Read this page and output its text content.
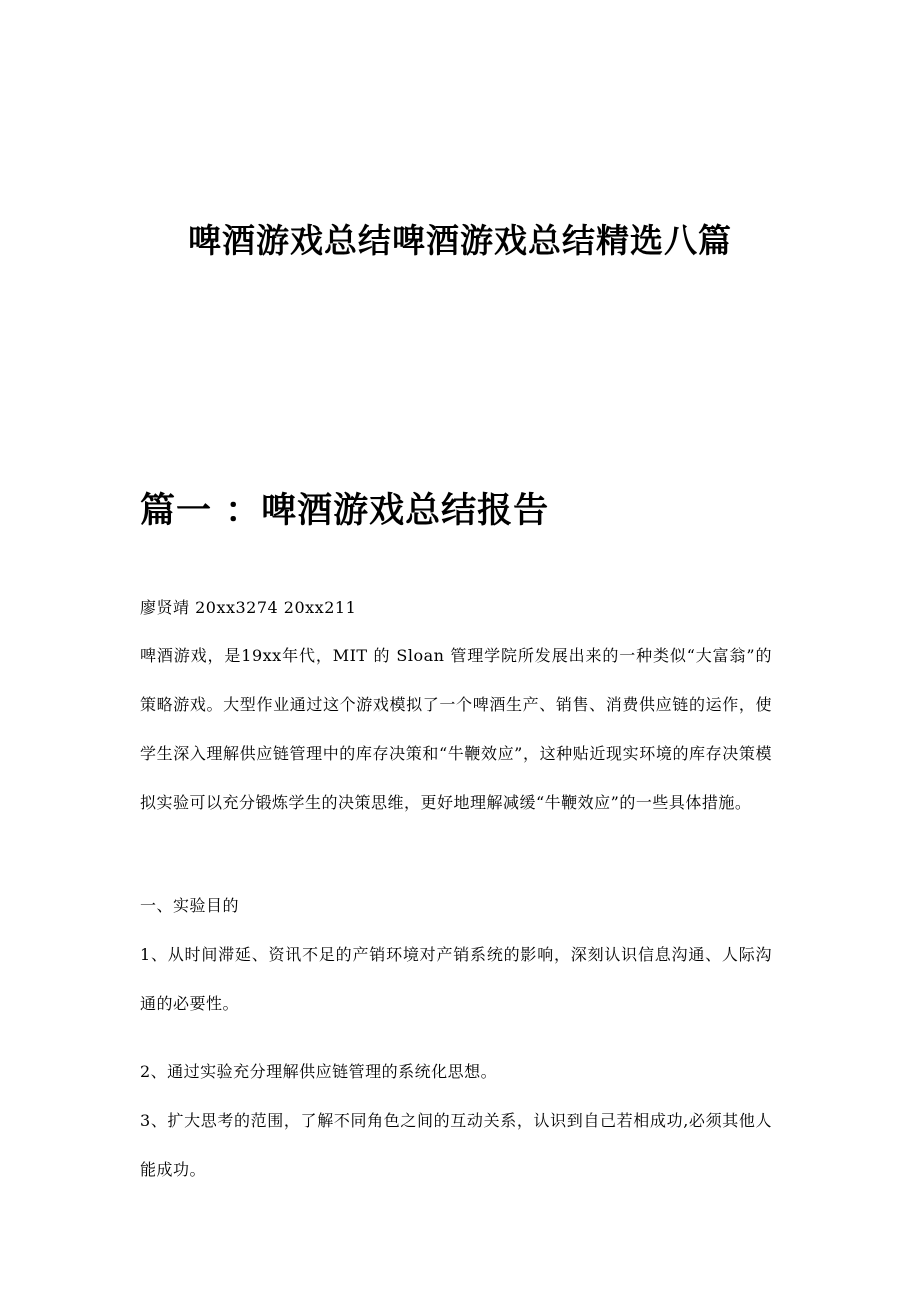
啤酒游戏总结啤酒游戏总结精选八篇
篇一 ：啤酒游戏总结报告

廖贤靖 20xx3274 20xx211

啤酒游戏，是19xx年代，MIT 的 Sloan 管理学院所发展出来的一种类似“大富翁”的策略游戏。大型作业通过这个游戏模拟了一个啤酒生产、销售、消费供应链的运作，使学生深入理解供应链管理中的库存决策和“牛鞭效应”，这种贴近现实环境的库存决策模拟实验可以充分锻炼学生的决策思维，更好地理解减缓“牛鞭效应”的一些具体措施。

一、实验目的

1、从时间滞延、资讯不足的产销环境对产销系统的影响，深刻认识信息沟通、人际沟通的必要性。

2、通过实验充分理解供应链管理的系统化思想。

3、扩大思考的范围，了解不同角色之间的互动关系，认识到自己若相成功,必须其他人能成功。
